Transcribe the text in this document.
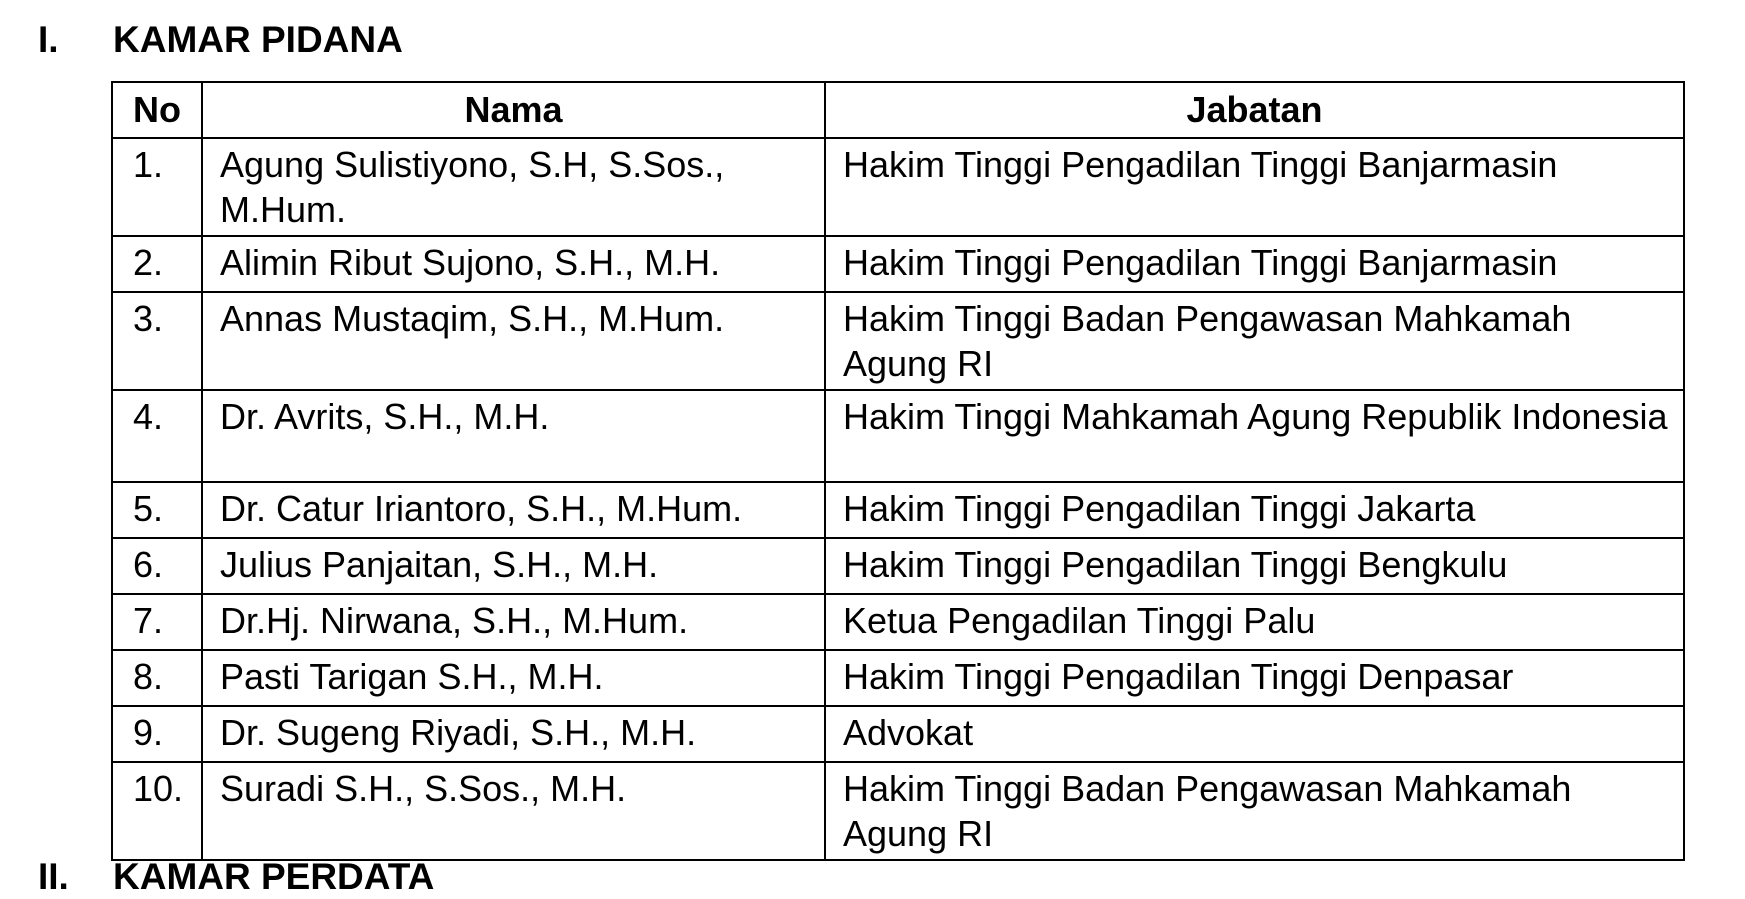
I. KAMAR PIDANA
No	Nama	Jabatan

1.	Agung Sulistiyono, S.H, S.Sos., M.Hum.	Hakim Tinggi Pengadilan Tinggi Banjarmasin

2.	Alimin Ribut Sujono, S.H., M.H.	Hakim Tinggi Pengadilan Tinggi Banjarmasin

3.	Annas Mustaqim, S.H., M.Hum.	Hakim Tinggi Badan Pengawasan Mahkamah Agung RI

4.	Dr. Avrits, S.H., M.H.	Hakim Tinggi Mahkamah Agung Republik Indonesia

5.	Dr. Catur Iriantoro, S.H., M.Hum.	Hakim Tinggi Pengadilan Tinggi Jakarta

6.	Julius Panjaitan, S.H., M.H.	Hakim Tinggi Pengadilan Tinggi Bengkulu

7.	Dr.Hj. Nirwana, S.H., M.Hum.	Ketua Pengadilan Tinggi Palu

8.	Pasti Tarigan S.H., M.H.	Hakim Tinggi Pengadilan Tinggi Denpasar

9.	Dr. Sugeng Riyadi, S.H., M.H.	Advokat

10.	Suradi S.H., S.Sos., M.H.	Hakim Tinggi Badan Pengawasan Mahkamah Agung RI
II. KAMAR PERDATA
